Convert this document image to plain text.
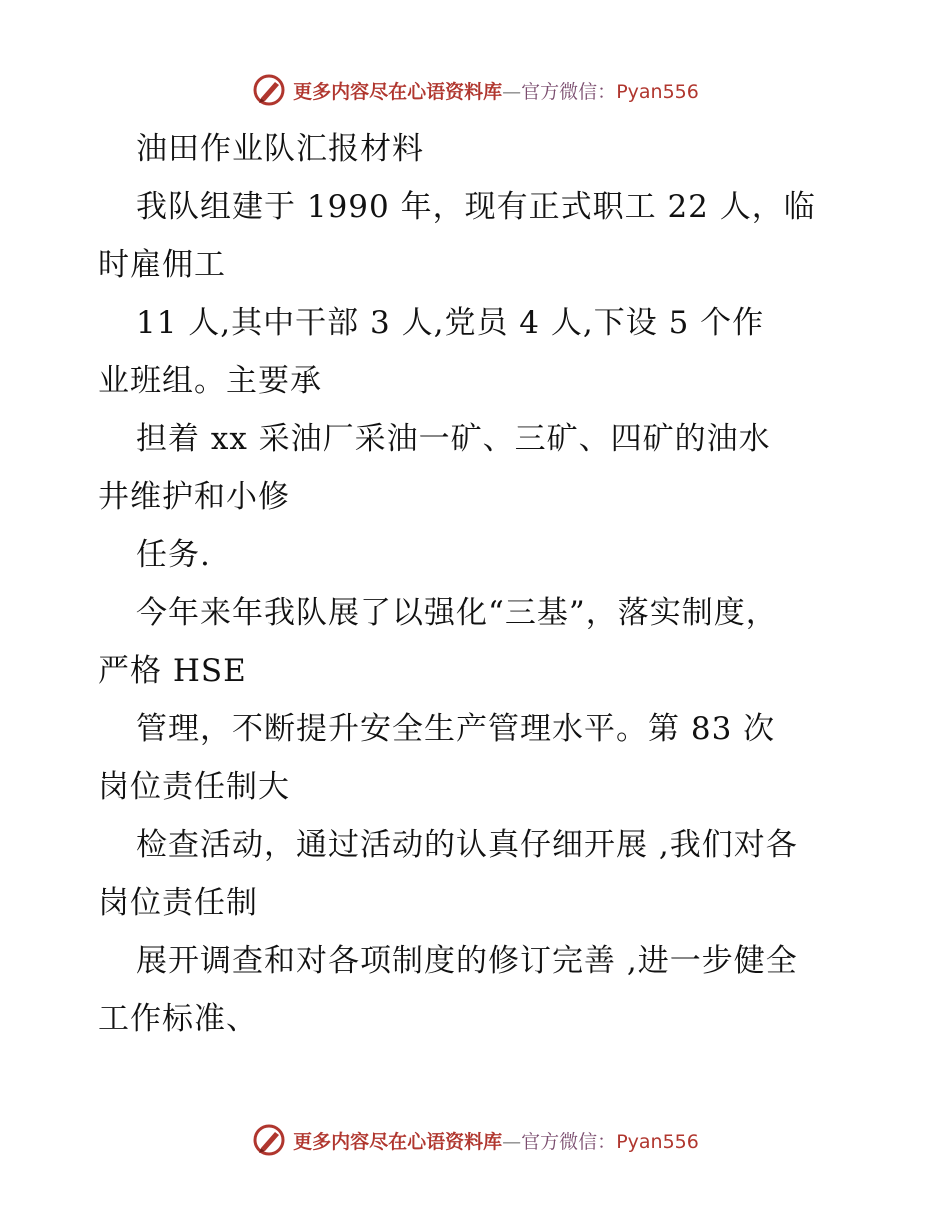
更多内容尽在心语资料库—官方微信：Pyan556
油田作业队汇报材料
我队组建于 1990 年，现有正式职工 22 人，临
时雇佣工
11 人,其中干部 3 人,党员 4 人,下设 5 个作
业班组。主要承
担着 xx 采油厂采油一矿、三矿、四矿的油水
井维护和小修
任务.
今年来年我队展了以强化“三基”，落实制度，
严格 HSE
管理，不断提升安全生产管理水平。第 83 次
岗位责任制大
检查活动，通过活动的认真仔细开展 ,我们对各
岗位责任制
展开调查和对各项制度的修订完善 ,进一步健全
工作标准、
更多内容尽在心语资料库—官方微信：Pyan556
